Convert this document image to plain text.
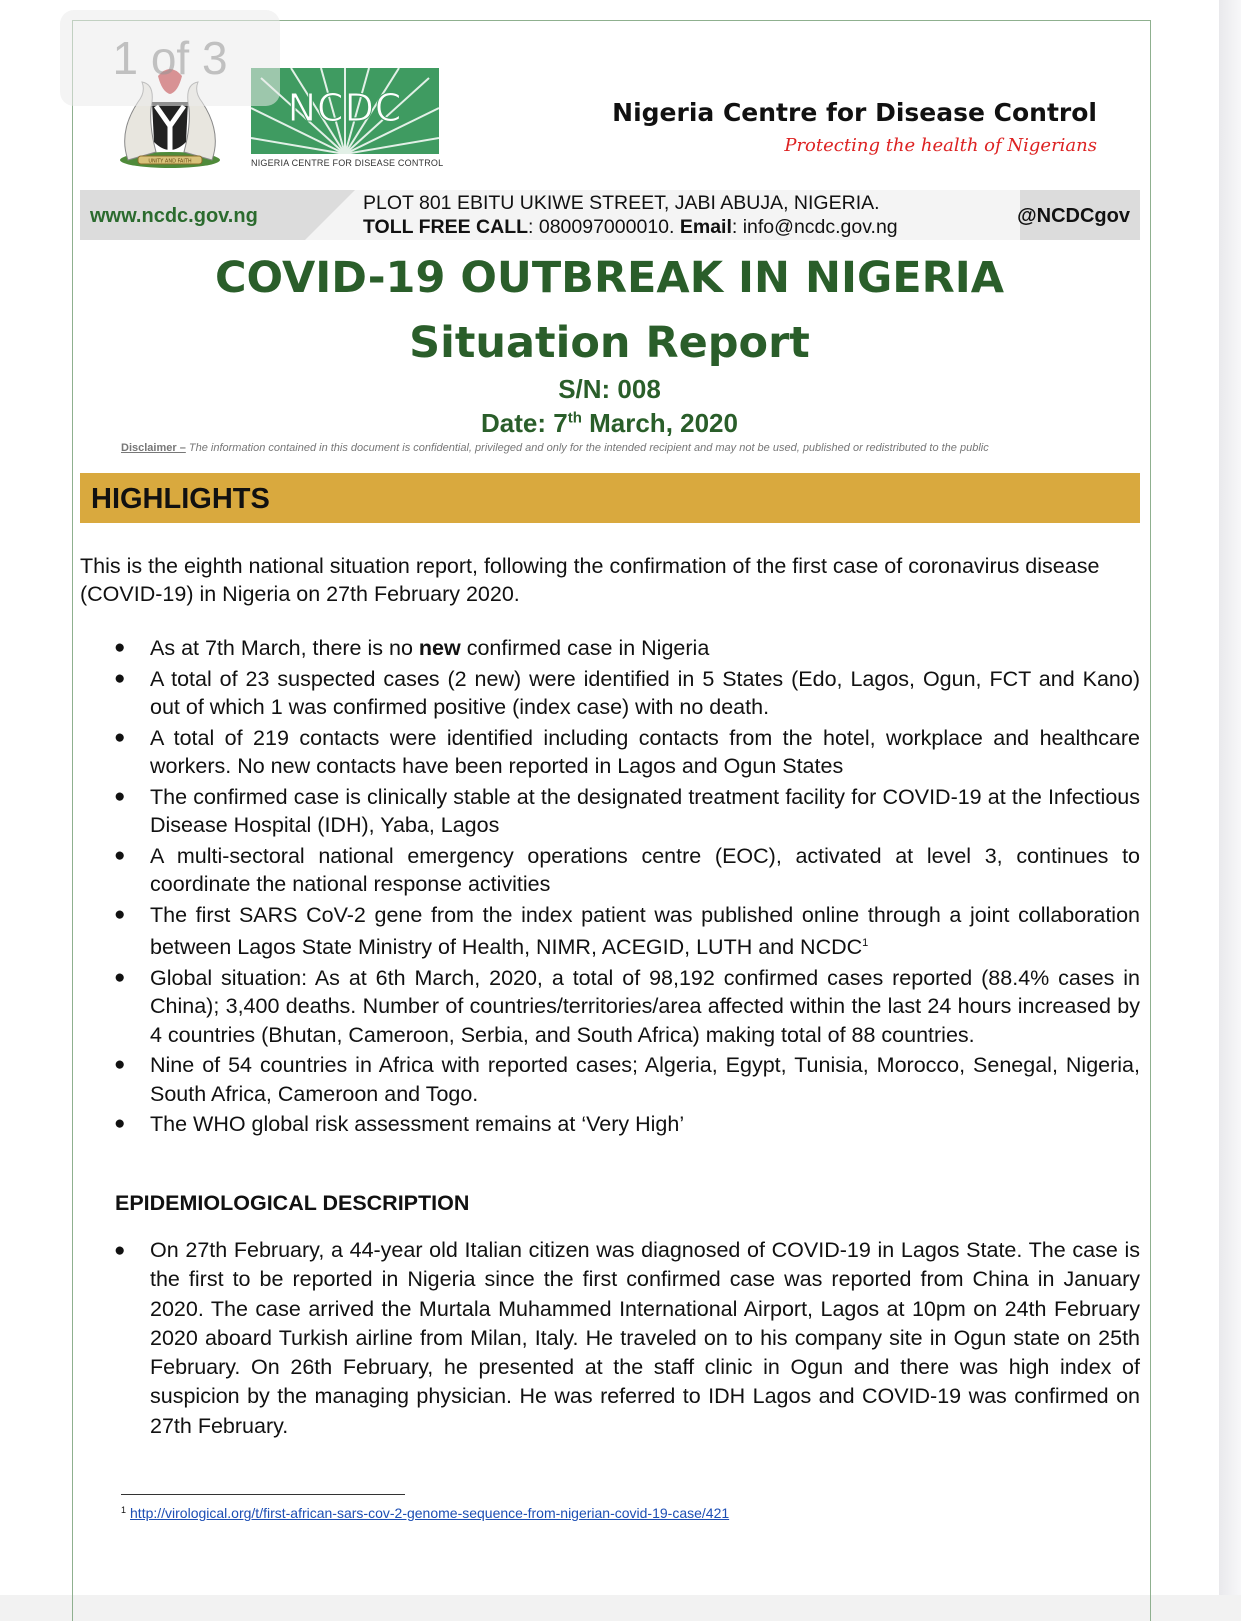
1 of 3
UNITY AND FAITH
NCDC
NIGERIA CENTRE FOR DISEASE CONTROL
Nigeria Centre for Disease Control
Protecting the health of Nigerians
www.ncdc.gov.ng
PLOT 801 EBITU UKIWE STREET, JABI ABUJA, NIGERIA.
TOLL FREE CALL: 080097000010. Email: info@ncdc.gov.ng	@NCDCgov
COVID-19 OUTBREAK IN NIGERIA
Situation Report
S/N: 008
Date: 7th March, 2020
Disclaimer – The information contained in this document is confidential, privileged and only for the intended recipient and may not be used, published or redistributed to the public
HIGHLIGHTS
This is the eighth national situation report, following the confirmation of the first case of coronavirus disease (COVID-19) in Nigeria on 27th February 2020.
● As at 7th March, there is no new confirmed case in Nigeria
● A total of 23 suspected cases (2 new) were identified in 5 States (Edo, Lagos, Ogun, FCT and Kano) out of which 1 was confirmed positive (index case) with no death.
● A total of 219 contacts were identified including contacts from the hotel, workplace and healthcare workers. No new contacts have been reported in Lagos and Ogun States
● The confirmed case is clinically stable at the designated treatment facility for COVID-19 at the Infectious Disease Hospital (IDH), Yaba, Lagos
● A multi-sectoral national emergency operations centre (EOC), activated at level 3, continues to coordinate the national response activities
● The first SARS CoV-2 gene from the index patient was published online through a joint collaboration between Lagos State Ministry of Health, NIMR, ACEGID, LUTH and NCDC$^1$
● Global situation: As at 6th March, 2020, a total of 98,192 confirmed cases reported (88.4% cases in China); 3,400 deaths. Number of countries/territories/area affected within the last 24 hours increased by 4 countries (Bhutan, Cameroon, Serbia, and South Africa) making total of 88 countries.
● Nine of 54 countries in Africa with reported cases; Algeria, Egypt, Tunisia, Morocco, Senegal, Nigeria, South Africa, Cameroon and Togo.
● The WHO global risk assessment remains at ‘Very High’
EPIDEMIOLOGICAL DESCRIPTION
● On 27th February, a 44-year old Italian citizen was diagnosed of COVID-19 in Lagos State. The case is the first to be reported in Nigeria since the first confirmed case was reported from China in January 2020. The case arrived the Murtala Muhammed International Airport, Lagos at 10pm on 24th February 2020 aboard Turkish airline from Milan, Italy. He traveled on to his company site in Ogun state on 25th February. On 26th February, he presented at the staff clinic in Ogun and there was high index of suspicion by the managing physician. He was referred to IDH Lagos and COVID-19 was confirmed on 27th February.
$^1$ http://virological.org/t/first-african-sars-cov-2-genome-sequence-from-nigerian-covid-19-case/421
